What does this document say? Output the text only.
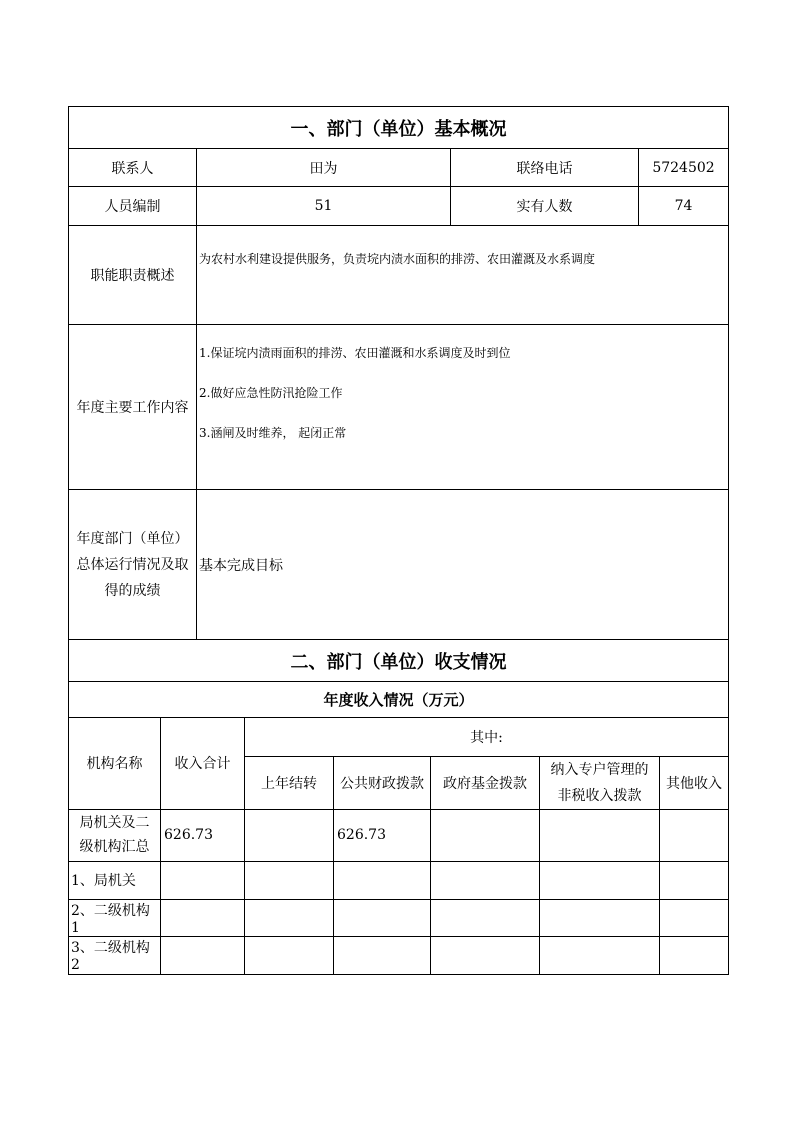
一、部门（单位）基本概况			
联系人	田为	联络电话	5724502
人员编制	51	实有人数	74
职能职责概述	为农村水利建设提供服务，负责垸内渍水面积的排涝、农田灌溉及水系调度		
年度主要工作内容	1.保证垸内渍雨面积的排涝、农田灌溉和水系调度及时到位
2.做好应急性防汛抢险工作
3.涵闸及时维养， 起闭正常		

年度部门（单位）
总体运行情况及取
得的成绩	基本完成目标		
二、部门（单位）收支情况			
年度收入情况（万元）			
机构名称	收入合计	其中:				
		上年结转	公共财政拨款	政府基金拨款	纳入专户管理的
非税收入拨款	其他收入

局机关及二
级机构汇总	626.73		626.73			
1、局机关						
2、二级机构 1						
3、二级机构 2						
